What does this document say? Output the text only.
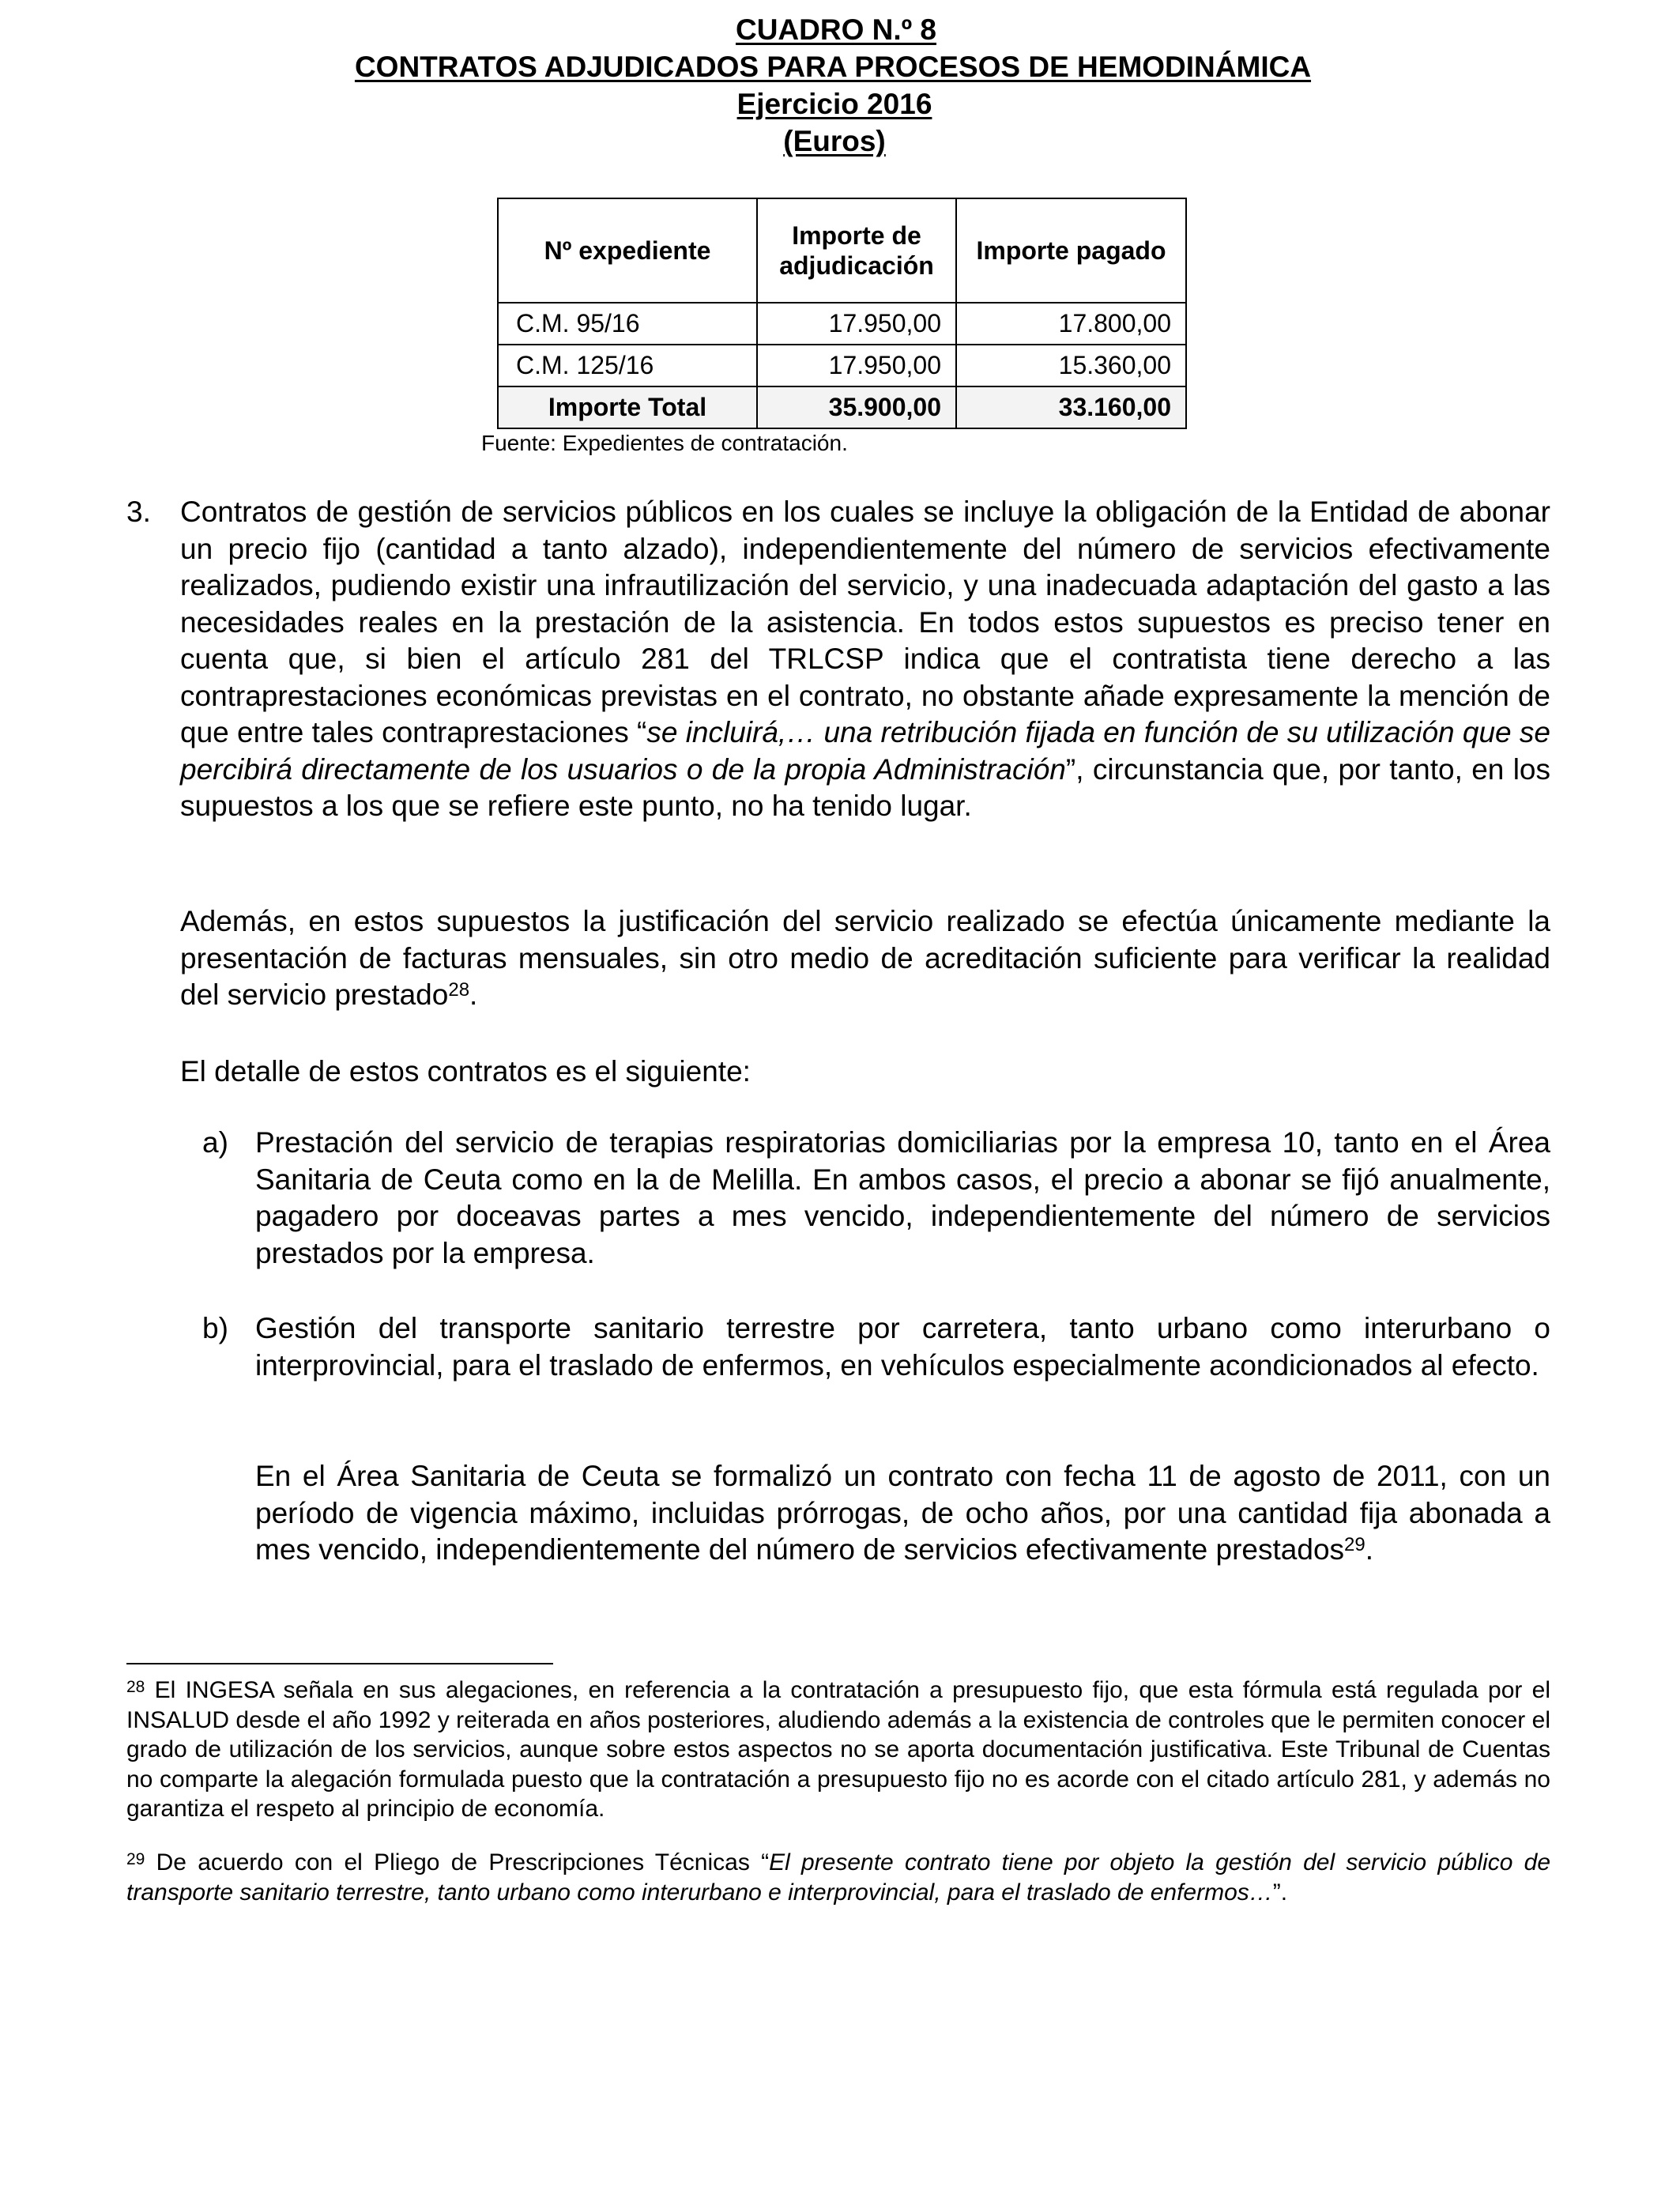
CUADRO N.º 8
CONTRATOS ADJUDICADOS PARA PROCESOS DE HEMODINÁMICA
Ejercicio 2016
(Euros)
Nº expediente	Importe de adjudicación	Importe pagado
C.M. 95/16	17.950,00	17.800,00
C.M. 125/16	17.950,00	15.360,00
Importe Total	35.900,00	33.160,00
Fuente: Expedientes de contratación.
3. Contratos de gestión de servicios públicos en los cuales se incluye la obligación de la Entidad de abonar un precio fijo (cantidad a tanto alzado), independientemente del número de servicios efectivamente realizados, pudiendo existir una infrautilización del servicio, y una inadecuada adaptación del gasto a las necesidades reales en la prestación de la asistencia. En todos estos supuestos es preciso tener en cuenta que, si bien el artículo 281 del TRLCSP indica que el contratista tiene derecho a las contraprestaciones económicas previstas en el contrato, no obstante añade expresamente la mención de que entre tales contraprestaciones “se incluirá,… una retribución fijada en función de su utilización que se percibirá directamente de los usuarios o de la propia Administración”, circunstancia que, por tanto, en los supuestos a los que se refiere este punto, no ha tenido lugar.
Además, en estos supuestos la justificación del servicio realizado se efectúa únicamente mediante la presentación de facturas mensuales, sin otro medio de acreditación suficiente para verificar la realidad del servicio prestado$^{28}$.
El detalle de estos contratos es el siguiente:
a) Prestación del servicio de terapias respiratorias domiciliarias por la empresa 10, tanto en el Área Sanitaria de Ceuta como en la de Melilla. En ambos casos, el precio a abonar se fijó anualmente, pagadero por doceavas partes a mes vencido, independientemente del número de servicios prestados por la empresa.
b) Gestión del transporte sanitario terrestre por carretera, tanto urbano como interurbano o interprovincial, para el traslado de enfermos, en vehículos especialmente acondicionados al efecto.
En el Área Sanitaria de Ceuta se formalizó un contrato con fecha 11 de agosto de 2011, con un período de vigencia máximo, incluidas prórrogas, de ocho años, por una cantidad fija abonada a mes vencido, independientemente del número de servicios efectivamente prestados$^{29}$.
$^{28}$ El INGESA señala en sus alegaciones, en referencia a la contratación a presupuesto fijo, que esta fórmula está regulada por el INSALUD desde el año 1992 y reiterada en años posteriores, aludiendo además a la existencia de controles que le permiten conocer el grado de utilización de los servicios, aunque sobre estos aspectos no se aporta documentación justificativa. Este Tribunal de Cuentas no comparte la alegación formulada puesto que la contratación a presupuesto fijo no es acorde con el citado artículo 281, y además no garantiza el respeto al principio de economía.
$^{29}$ De acuerdo con el Pliego de Prescripciones Técnicas “El presente contrato tiene por objeto la gestión del servicio público de transporte sanitario terrestre, tanto urbano como interurbano e interprovincial, para el traslado de enfermos…”.
